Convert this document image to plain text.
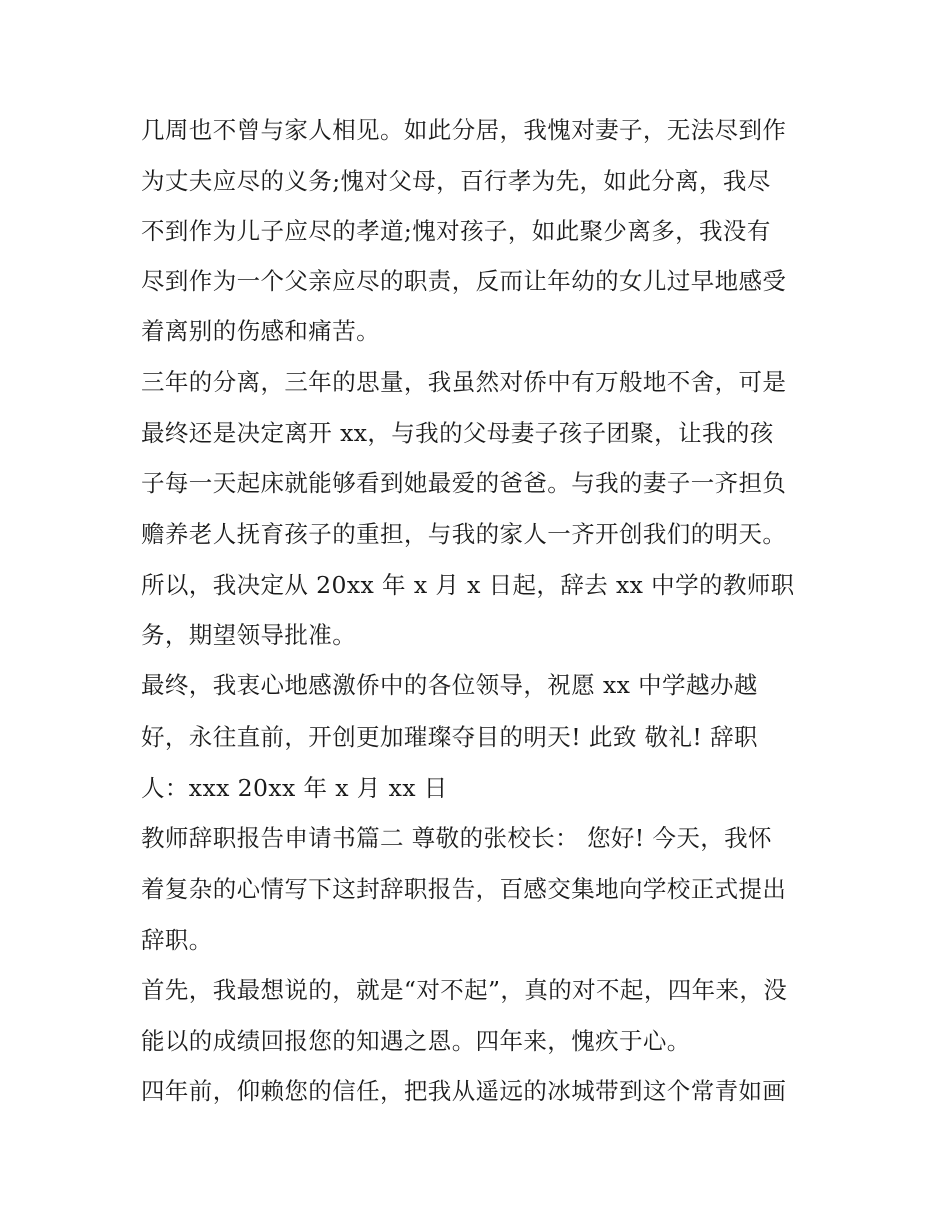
几周也不曾与家人相见。如此分居，我愧对妻子，无法尽到作
为丈夫应尽的义务;愧对父母，百行孝为先，如此分离，我尽
不到作为儿子应尽的孝道;愧对孩子，如此聚少离多，我没有
尽到作为一个父亲应尽的职责，反而让年幼的女儿过早地感受
着离别的伤感和痛苦。
三年的分离，三年的思量，我虽然对侨中有万般地不舍，可是
最终还是决定离开 xx，与我的父母妻子孩子团聚，让我的孩
子每一天起床就能够看到她最爱的爸爸。与我的妻子一齐担负
赡养老人抚育孩子的重担，与我的家人一齐开创我们的明天。
所以，我决定从 20xx 年 x 月 x 日起，辞去 xx 中学的教师职
务，期望领导批准。
最终，我衷心地感激侨中的各位领导，祝愿 xx 中学越办越
好，永往直前，开创更加璀璨夺目的明天! 此致 敬礼! 辞职
人：xxx 20xx 年 x 月 xx 日
教师辞职报告申请书篇二 尊敬的张校长： 您好! 今天，我怀
着复杂的心情写下这封辞职报告，百感交集地向学校正式提出
辞职。
首先，我最想说的，就是“对不起”，真的对不起，四年来，没
能以的成绩回报您的知遇之恩。四年来，愧疚于心。
四年前，仰赖您的信任，把我从遥远的冰城带到这个常青如画
